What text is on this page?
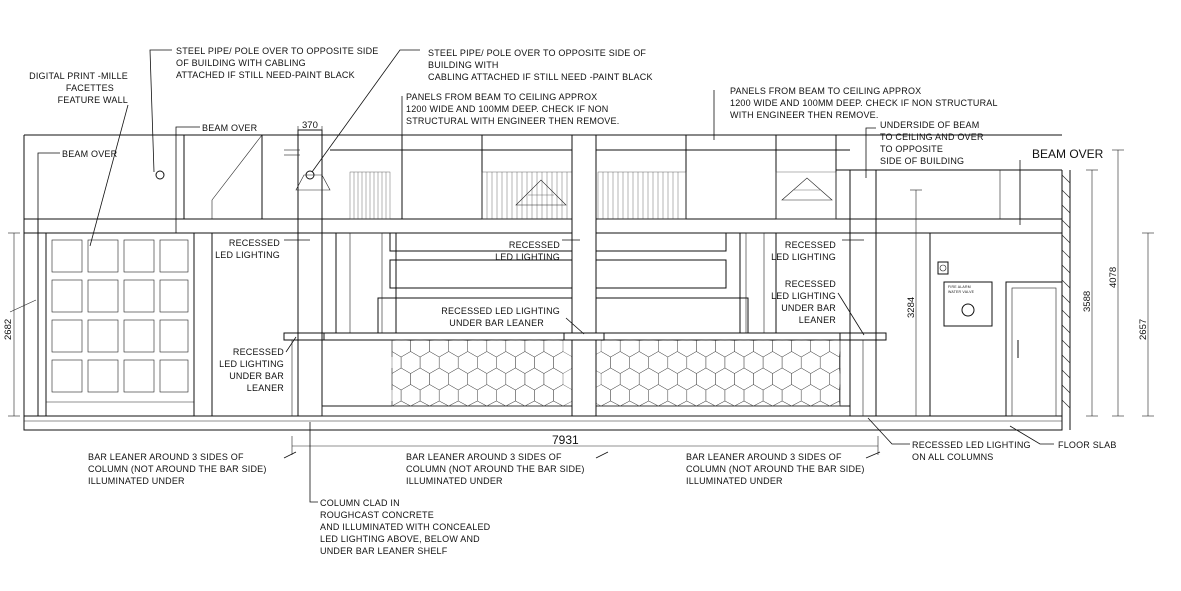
FIRE ALARM
WATER VALVE
370
7931
2682
3284	3588
4078
2657
DIGITAL PRINT -MILLE
FACETTES
FEATURE WALL
STEEL PIPE/ POLE OVER TO OPPOSITE SIDE
OF BUILDING WITH CABLING
ATTACHED IF STILL NEED-PAINT BLACK
STEEL PIPE/ POLE OVER TO OPPOSITE SIDE OF
BUILDING WITH
CABLING ATTACHED IF STILL NEED -PAINT BLACK
PANELS FROM BEAM TO CEILING APPROX
1200 WIDE AND 100MM DEEP. CHECK IF NON
STRUCTURAL WITH ENGINEER THEN REMOVE.
PANELS FROM BEAM TO CEILING APPROX
1200 WIDE AND 100MM DEEP. CHECK IF NON STRUCTURAL
WITH ENGINEER THEN REMOVE.
UNDERSIDE OF BEAM
TO CEILING AND OVER
TO OPPOSITE
SIDE OF BUILDING
BEAM OVER
BEAM OVER
BEAM OVER
RECESSED
LED LIGHTING
RECESSED
LED LIGHTING
RECESSED
LED LIGHTING
RECESSED
LED LIGHTING
UNDER BAR
LEANER
RECESSED LED LIGHTING
UNDER BAR LEANER
RECESSED
LED LIGHTING
UNDER BAR
LEANER
BAR LEANER AROUND 3 SIDES OF
COLUMN (NOT AROUND THE BAR SIDE)
ILLUMINATED UNDER
BAR LEANER AROUND 3 SIDES OF
COLUMN (NOT AROUND THE BAR SIDE)
ILLUMINATED UNDER
BAR LEANER AROUND 3 SIDES OF
COLUMN (NOT AROUND THE BAR SIDE)
ILLUMINATED UNDER
COLUMN CLAD IN
ROUGHCAST CONCRETE
AND ILLUMINATED WITH CONCEALED
LED LIGHTING ABOVE, BELOW AND
UNDER BAR LEANER SHELF
RECESSED LED LIGHTING
ON ALL COLUMNS
FLOOR SLAB
